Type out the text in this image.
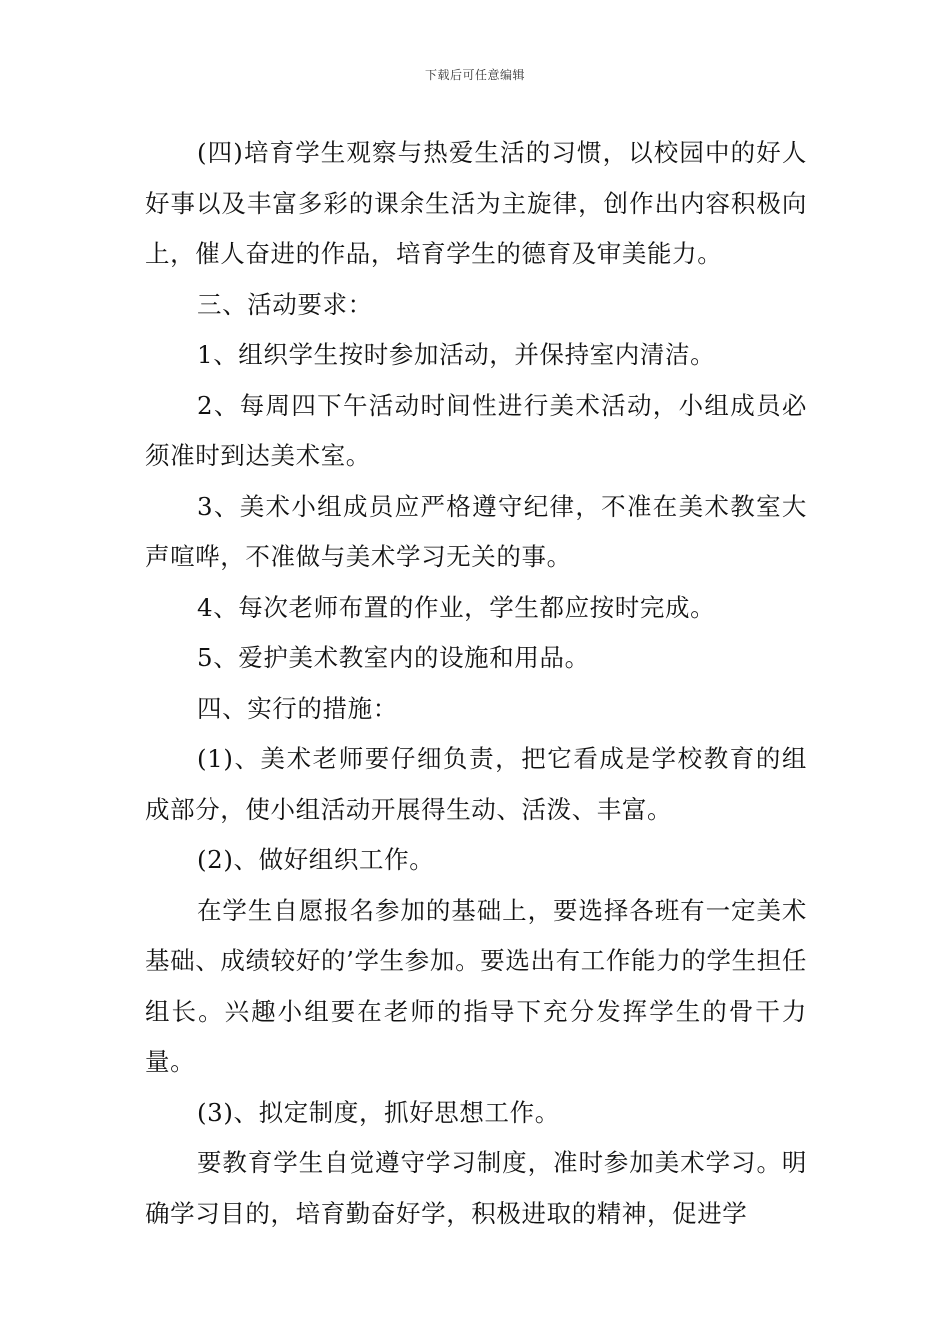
下载后可任意编辑

(四)培育学生观察与热爱生活的习惯，以校园中的好人好事以及丰富多彩的课余生活为主旋律，创作出内容积极向上，催人奋进的作品，培育学生的德育及审美能力。

三、活动要求：

1、组织学生按时参加活动，并保持室内清洁。

2、每周四下午活动时间性进行美术活动，小组成员必须准时到达美术室。

3、美术小组成员应严格遵守纪律，不准在美术教室大声喧哗，不准做与美术学习无关的事。

4、每次老师布置的作业，学生都应按时完成。

5、爱护美术教室内的设施和用品。

四、实行的措施：

(1)、美术老师要仔细负责，把它看成是学校教育的组成部分，使小组活动开展得生动、活泼、丰富。

(2)、做好组织工作。

在学生自愿报名参加的基础上，要选择各班有一定美术基础、成绩较好的’学生参加。要选出有工作能力的学生担任组长。兴趣小组要在老师的指导下充分发挥学生的骨干力量。

(3)、拟定制度，抓好思想工作。

要教育学生自觉遵守学习制度，准时参加美术学习。明确学习目的，培育勤奋好学，积极进取的精神，促进学
